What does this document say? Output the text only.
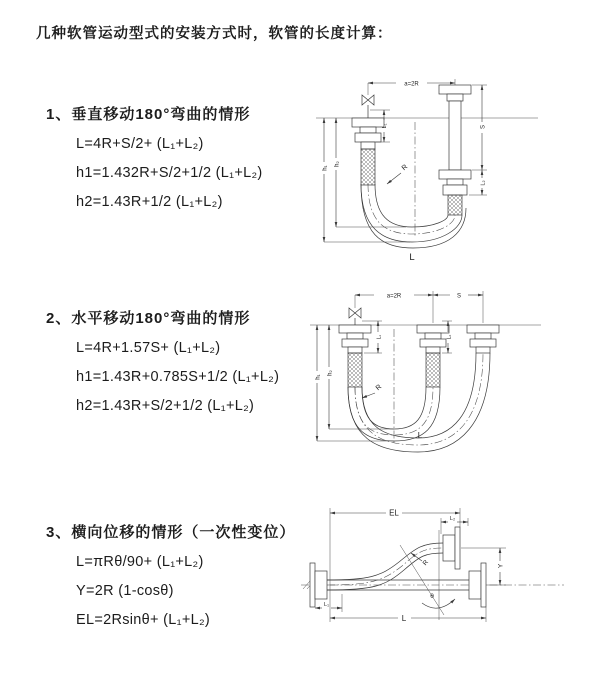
几种软管运动型式的安装方式时，软管的长度计算：
1、垂直移动180°弯曲的情形

L=4R+S/2+ (L₁+L₂)

h1=1.432R+S/2+1/2 (L₁+L₂)

h2=1.43R+1/2 (L₁+L₂)

2、水平移动180°弯曲的情形

L=4R+1.57S+ (L₁+L₂)

h1=1.43R+0.785S+1/2 (L₁+L₂)

h2=1.43R+S/2+1/2 (L₁+L₂)

3、横向位移的情形（一次性变位）

L=πRθ/90+ (L₁+L₂)

Y=2R (1-cosθ)

EL=2Rsinθ+ (L₁+L₂)

a=2R
L₁	S
L₂
h₁
h₂	R
L
a=2R	S
L₁	L₂
h₁
h₂
R
L
EL
L₂
Y
θ
R
L
L₁
